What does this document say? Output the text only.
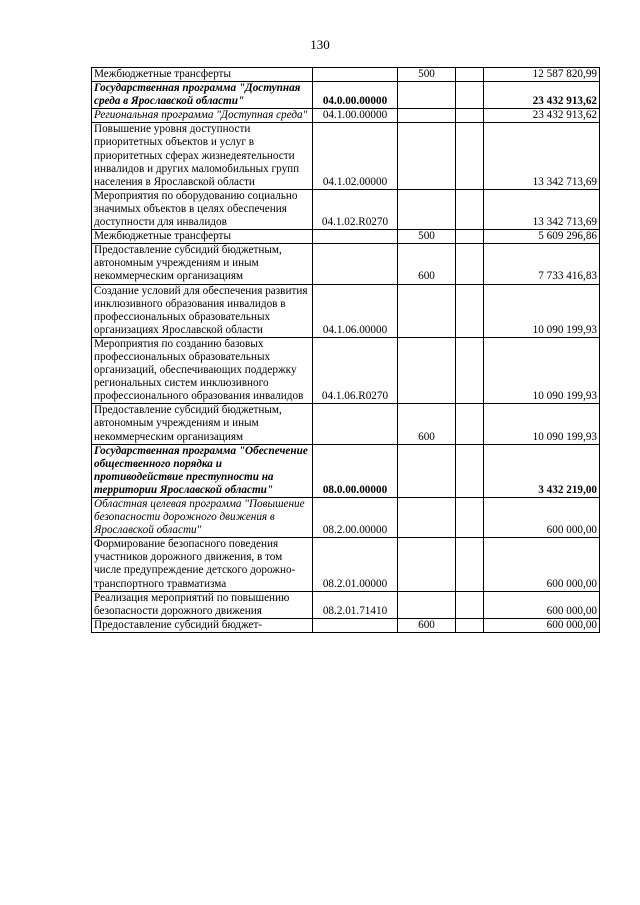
130
Межбюджетные трансферты		500		12 587 820,99
Государственная программа "Доступная среда в Ярославской области"	04.0.00.00000			23 432 913,62
Региональная программа "Доступная среда"	04.1.00.00000			23 432 913,62
Повышение уровня доступности приоритетных объектов и услуг в приоритетных сферах жизнедеятельности инвалидов и других маломобильных групп населения в Ярославской области	04.1.02.00000			13 342 713,69
Мероприятия по оборудованию социально значимых объектов в целях обеспечения доступности для инвалидов	04.1.02.R0270			13 342 713,69
Межбюджетные трансферты		500		5 609 296,86
Предоставление субсидий бюджетным, автономным учреждениям и иным некоммерческим организациям		600		7 733 416,83
Создание условий для обеспечения развития инклюзивного образования инвалидов в профессиональных образовательных организациях Ярославской области	04.1.06.00000			10 090 199,93
Мероприятия по созданию базовых профессиональных образовательных организаций, обеспечивающих поддержку региональных систем инклюзивного профессионального образования инвалидов	04.1.06.R0270			10 090 199,93
Предоставление субсидий бюджетным, автономным учреждениям и иным некоммерческим организациям		600		10 090 199,93
Государственная программа "Обеспечение общественного порядка и противодействие преступности на территории Ярославской области"	08.0.00.00000			3 432 219,00
Областная целевая программа "Повышение безопасности дорожного движения в Ярославской области"	08.2.00.00000			600 000,00
Формирование безопасного поведения участников дорожного движения, в том числе предупреждение детского дорожно-транспортного травматизма	08.2.01.00000			600 000,00
Реализация мероприятий по повышению безопасности дорожного движения	08.2.01.71410			600 000,00
Предоставление субсидий бюджет-		600		600 000,00
